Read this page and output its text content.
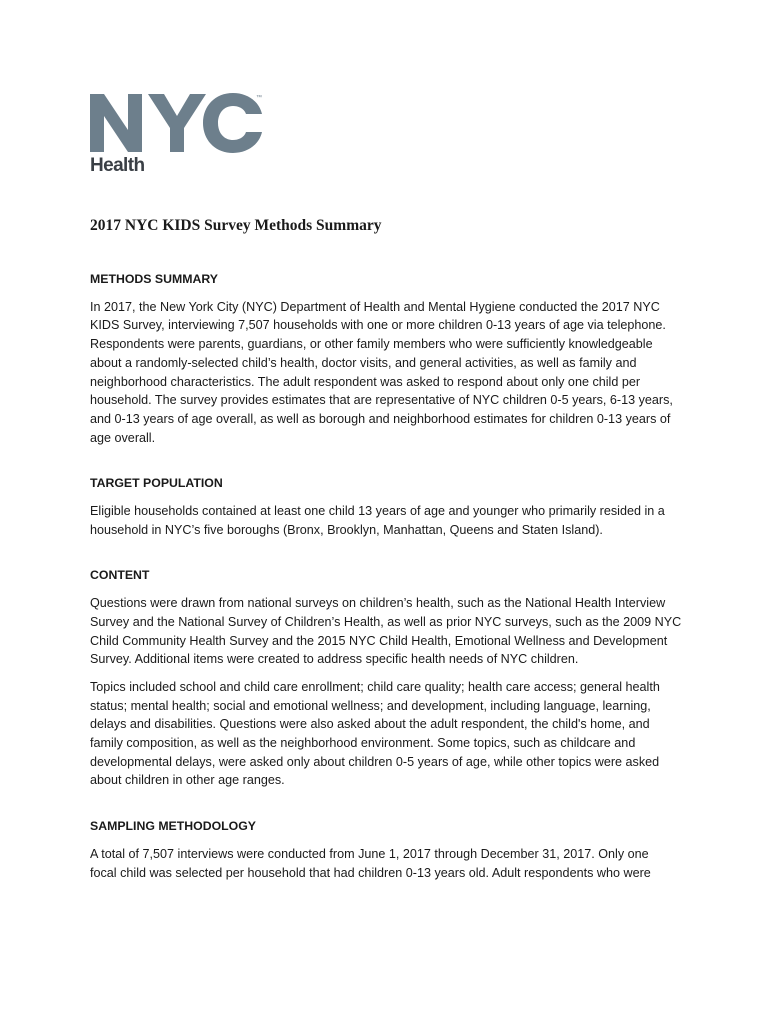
™
Health
2017 NYC KIDS Survey Methods Summary
METHODS SUMMARY

In 2017, the New York City (NYC) Department of Health and Mental Hygiene conducted the 2017 NYC
KIDS Survey, interviewing 7,507 households with one or more children 0-13 years of age via telephone.
Respondents were parents, guardians, or other family members who were sufficiently knowledgeable
about a randomly-selected child’s health, doctor visits, and general activities, as well as family and
neighborhood characteristics. The adult respondent was asked to respond about only one child per
household. The survey provides estimates that are representative of NYC children 0-5 years, 6-13 years,
and 0-13 years of age overall, as well as borough and neighborhood estimates for children 0-13 years of
age overall.

TARGET POPULATION

Eligible households contained at least one child 13 years of age and younger who primarily resided in a
household in NYC’s five boroughs (Bronx, Brooklyn, Manhattan, Queens and Staten Island).

CONTENT

Questions were drawn from national surveys on children’s health, such as the National Health Interview
Survey and the National Survey of Children’s Health, as well as prior NYC surveys, such as the 2009 NYC
Child Community Health Survey and the 2015 NYC Child Health, Emotional Wellness and Development
Survey. Additional items were created to address specific health needs of NYC children.

Topics included school and child care enrollment; child care quality; health care access; general health
status; mental health; social and emotional wellness; and development, including language, learning,
delays and disabilities. Questions were also asked about the adult respondent, the child's home, and
family composition, as well as the neighborhood environment. Some topics, such as childcare and
developmental delays, were asked only about children 0-5 years of age, while other topics were asked
about children in other age ranges.

SAMPLING METHODOLOGY

A total of 7,507 interviews were conducted from June 1, 2017 through December 31, 2017. Only one
focal child was selected per household that had children 0-13 years old. Adult respondents who were
